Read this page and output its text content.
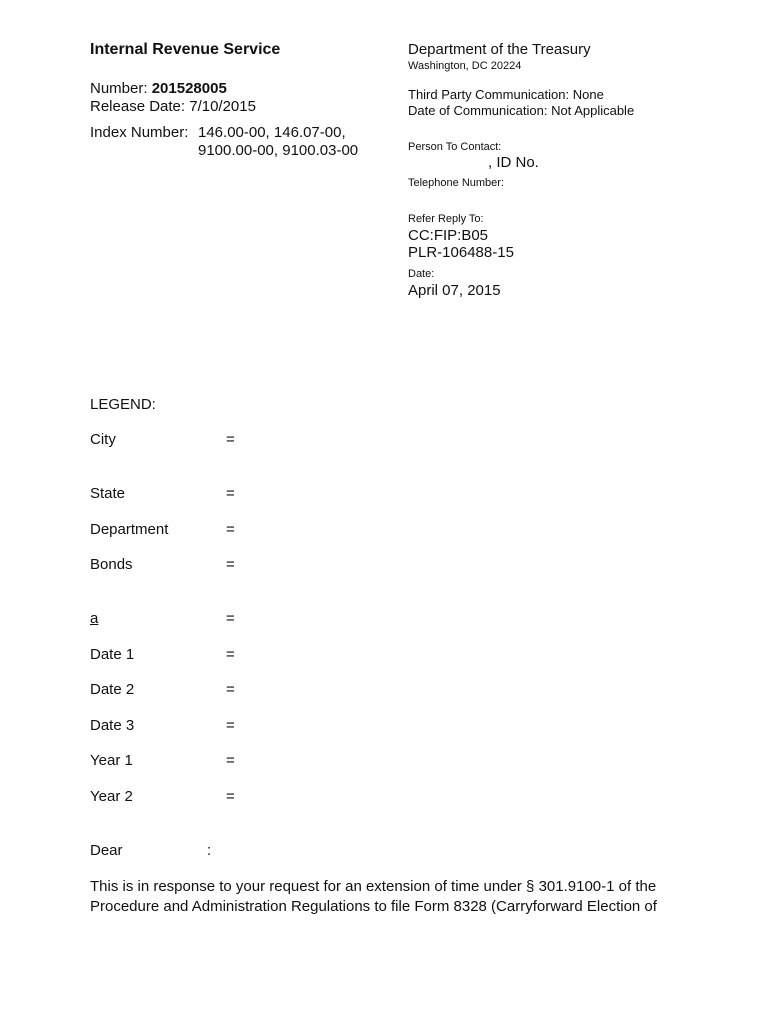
Internal Revenue Service
Number: 201528005
Release Date: 7/10/2015
Index Number: 146.00-00, 146.07-00,
9100.00-00, 9100.03-00
Department of the Treasury
Washington, DC 20224
Third Party Communication: None
Date of Communication: Not Applicable
Person To Contact:
, ID No.
Telephone Number:
Refer Reply To:
CC:FIP:B05
PLR-106488-15
Date:
April 07, 2015
LEGEND:
City	=
State	=
Department	=
Bonds	=
a	=
Date 1	=
Date 2	=
Date 3	=
Year 1	=
Year 2	=
Dear	:
This is in response to your request for an extension of time under § 301.9100-1 of the Procedure and Administration Regulations to file Form 8328 (Carryforward Election of
